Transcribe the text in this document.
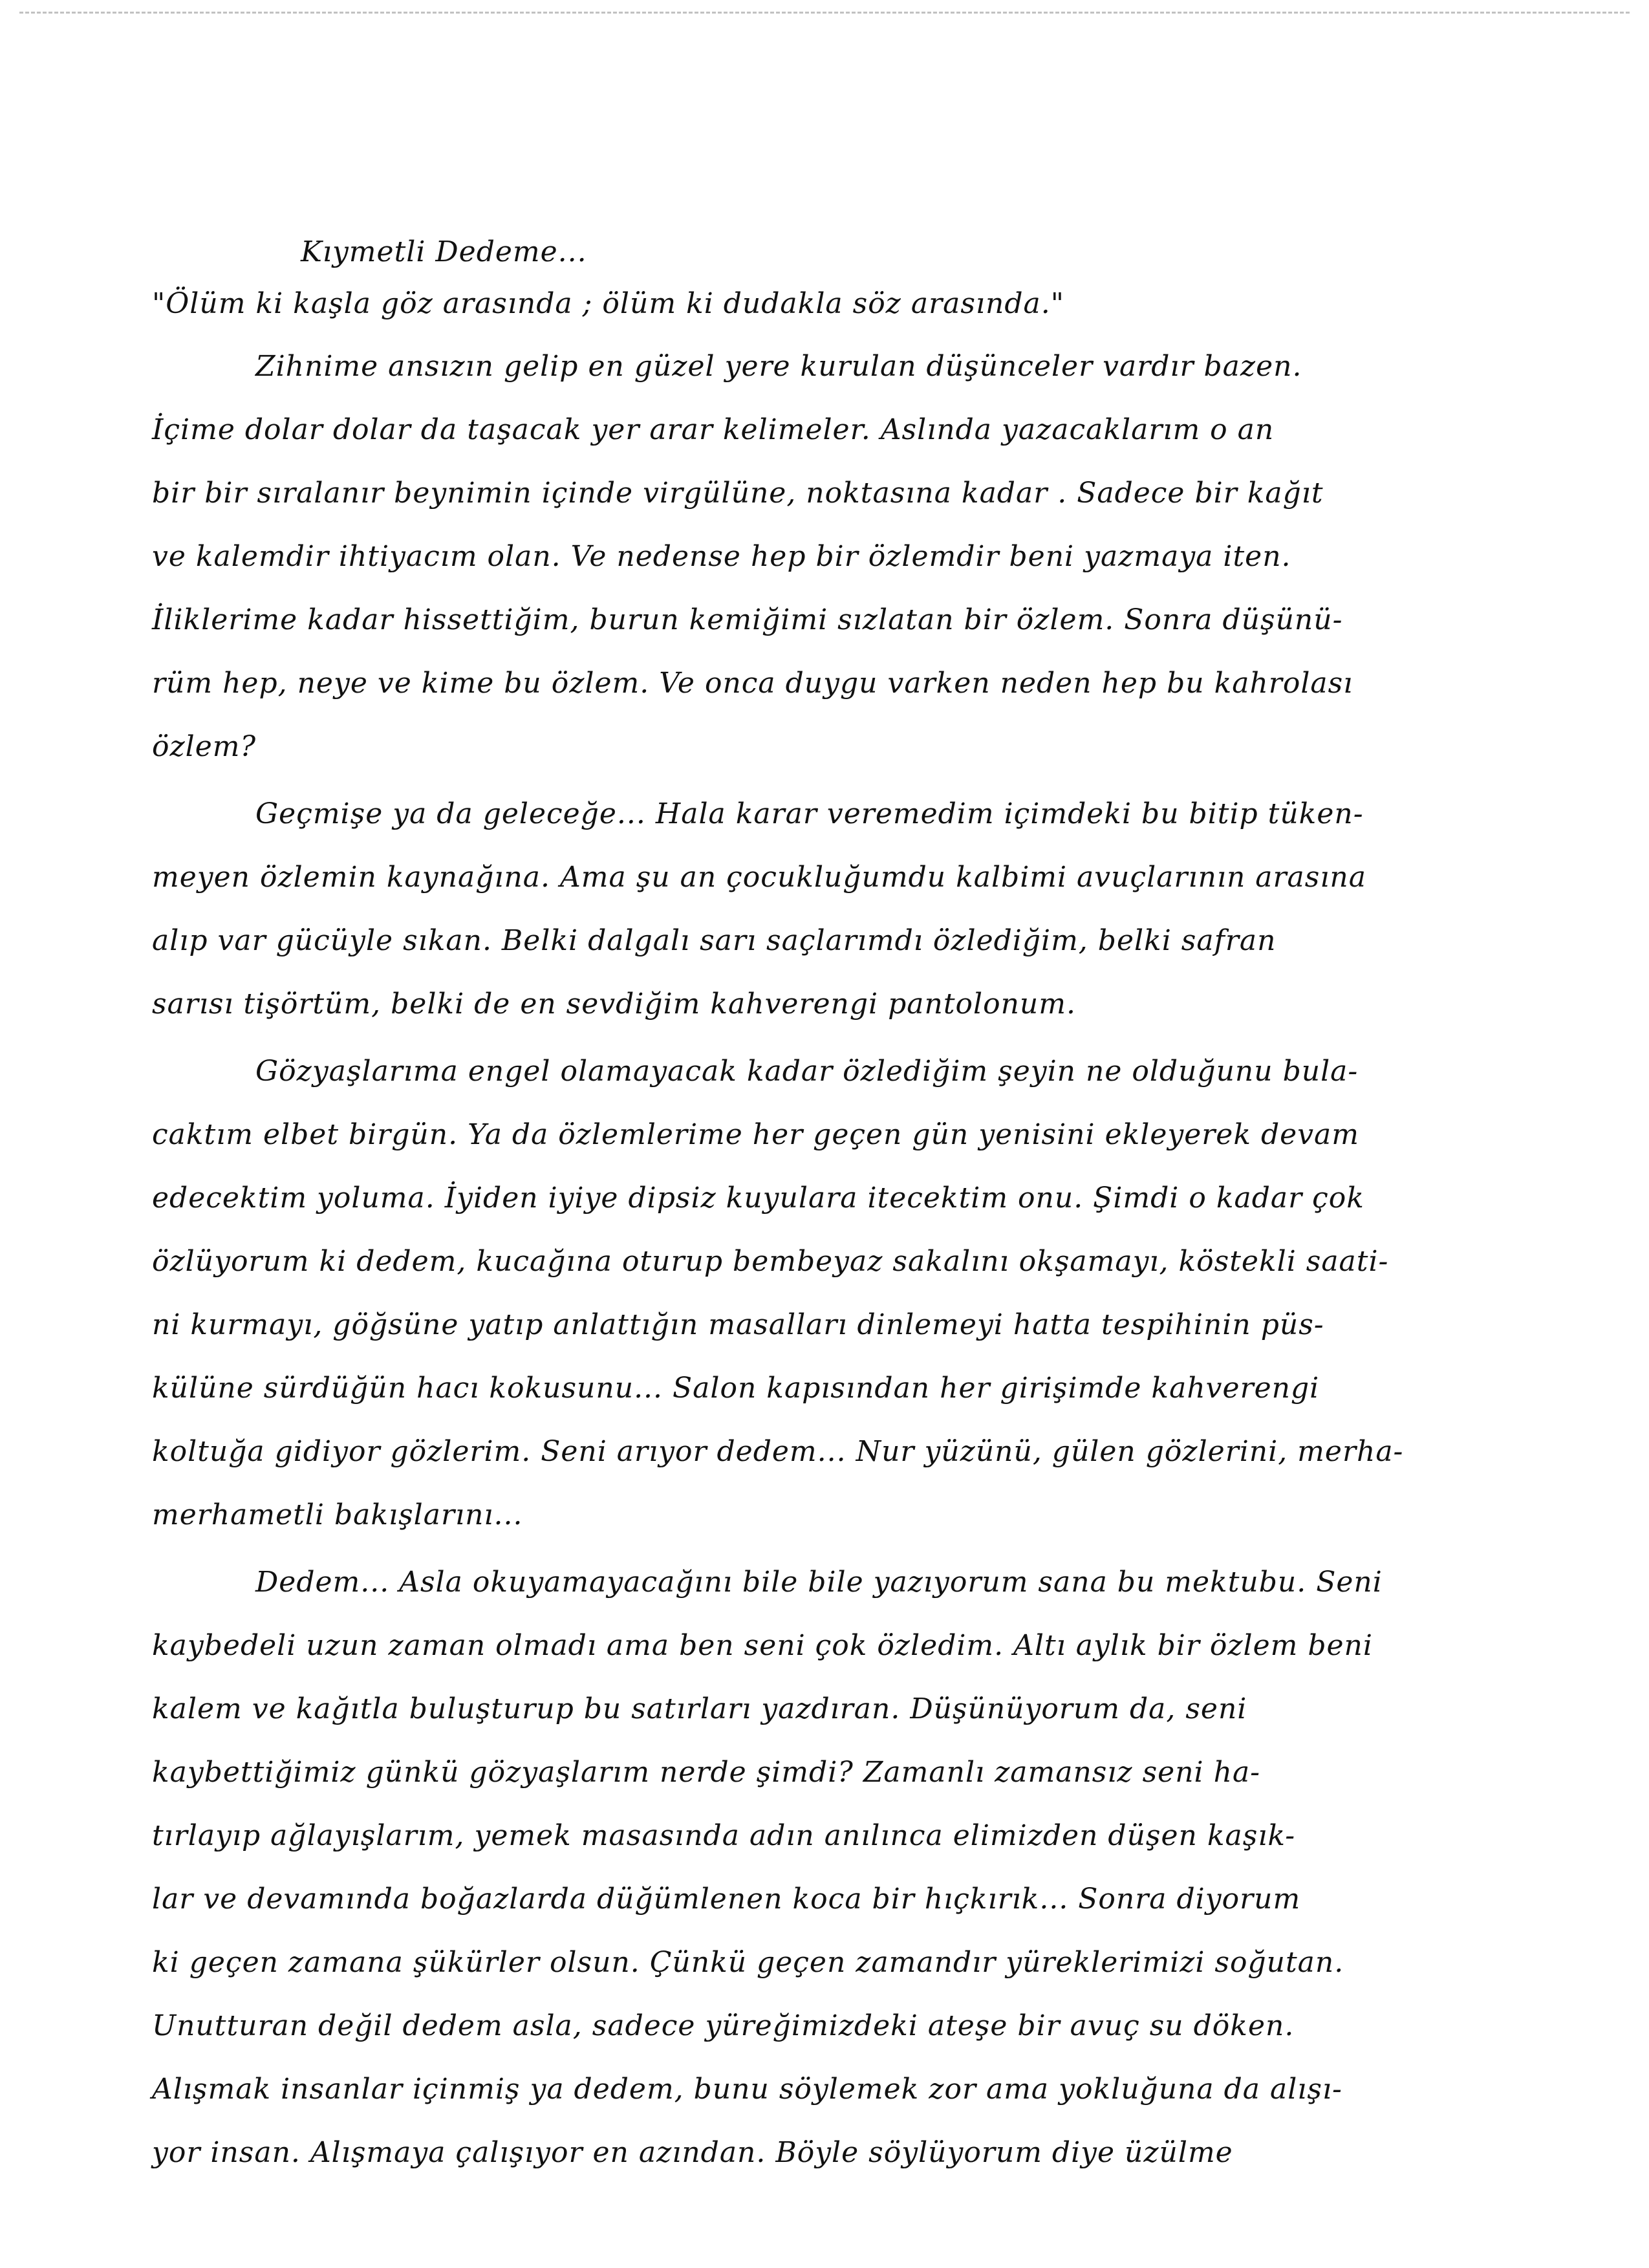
Kıymetli Dedeme...
"Ölüm ki kaşla göz arasında ; ölüm ki dudakla söz arasında."
Zihnime ansızın gelip en güzel yere kurulan düşünceler vardır bazen.
İçime dolar dolar da taşacak yer arar kelimeler. Aslında yazacaklarım o an
bir bir sıralanır beynimin içinde virgülüne, noktasına kadar . Sadece bir kağıt
ve kalemdir ihtiyacım olan. Ve nedense hep bir özlemdir beni yazmaya iten.
İliklerime kadar hissettiğim, burun kemiğimi sızlatan bir özlem. Sonra düşünü-
rüm hep, neye ve kime bu özlem. Ve onca duygu varken neden hep bu kahrolası
özlem?
Geçmişe ya da geleceğe... Hala karar veremedim içimdeki bu bitip tüken-
meyen özlemin kaynağına. Ama şu an çocukluğumdu kalbimi avuçlarının arasına
alıp var gücüyle sıkan. Belki dalgalı sarı saçlarımdı özlediğim, belki safran
sarısı tişörtüm, belki de en sevdiğim kahverengi pantolonum.
Gözyaşlarıma engel olamayacak kadar özlediğim şeyin ne olduğunu bula-
caktım elbet birgün. Ya da özlemlerime her geçen gün yenisini ekleyerek devam
edecektim yoluma. İyiden iyiye dipsiz kuyulara itecektim onu. Şimdi o kadar çok
özlüyorum ki dedem, kucağına oturup bembeyaz sakalını okşamayı, köstekli saati-
ni kurmayı, göğsüne yatıp anlattığın masalları dinlemeyi hatta tespihinin püs-
külüne sürdüğün hacı kokusunu... Salon kapısından her girişimde kahverengi
koltuğa gidiyor gözlerim. Seni arıyor dedem... Nur yüzünü, gülen gözlerini, merha-
merhametli bakışlarını...
Dedem... Asla okuyamayacağını bile bile yazıyorum sana bu mektubu. Seni
kaybedeli uzun zaman olmadı ama ben seni çok özledim. Altı aylık bir özlem beni
kalem ve kağıtla buluşturup bu satırları yazdıran. Düşünüyorum da, seni
kaybettiğimiz günkü gözyaşlarım nerde şimdi? Zamanlı zamansız seni ha-
tırlayıp ağlayışlarım, yemek masasında adın anılınca elimizden düşen kaşık-
lar ve devamında boğazlarda düğümlenen koca bir hıçkırık... Sonra diyorum
ki geçen zamana şükürler olsun. Çünkü geçen zamandır yüreklerimizi soğutan.
Unutturan değil dedem asla, sadece yüreğimizdeki ateşe bir avuç su döken.
Alışmak insanlar içinmiş ya dedem, bunu söylemek zor ama yokluğuna da alışı-
yor insan. Alışmaya çalışıyor en azından. Böyle söylüyorum diye üzülme
